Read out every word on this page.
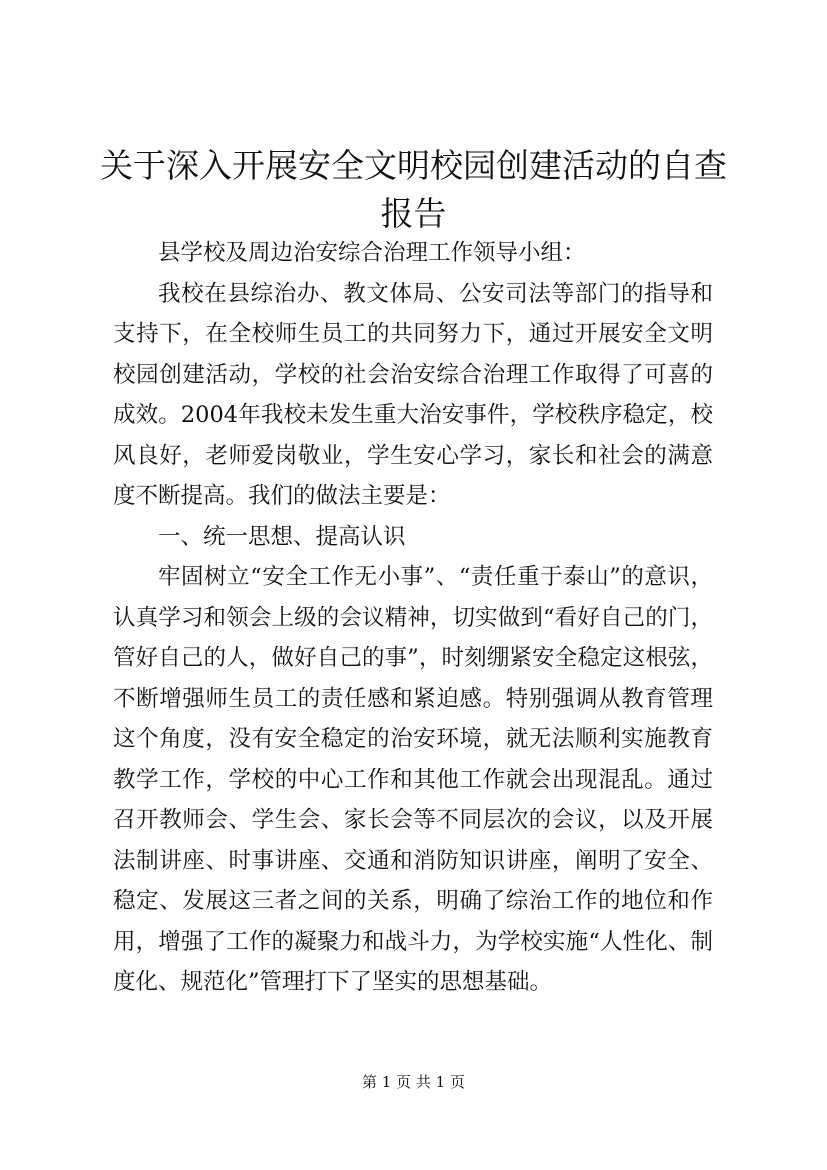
关于深入开展安全文明校园创建活动的自查报告

县学校及周边治安综合治理工作领导小组：

我校在县综治办、教文体局、公安司法等部门的指导和支持下，在全校师生员工的共同努力下，通过开展安全文明校园创建活动，学校的社会治安综合治理工作取得了可喜的成效。2004年我校未发生重大治安事件，学校秩序稳定，校风良好，老师爱岗敬业，学生安心学习，家长和社会的满意度不断提高。我们的做法主要是：

一、统一思想、提高认识

牢固树立“安全工作无小事”、“责任重于泰山”的意识，认真学习和领会上级的会议精神，切实做到“看好自己的门，管好自己的人，做好自己的事”，时刻绷紧安全稳定这根弦，不断增强师生员工的责任感和紧迫感。特别强调从教育管理这个角度，没有安全稳定的治安环境，就无法顺利实施教育教学工作，学校的中心工作和其他工作就会出现混乱。通过召开教师会、学生会、家长会等不同层次的会议，以及开展法制讲座、时事讲座、交通和消防知识讲座，阐明了安全、稳定、发展这三者之间的关系，明确了综治工作的地位和作用，增强了工作的凝聚力和战斗力，为学校实施“人性化、制度化、规范化”管理打下了坚实的思想基础。

第 1 页 共 1 页
